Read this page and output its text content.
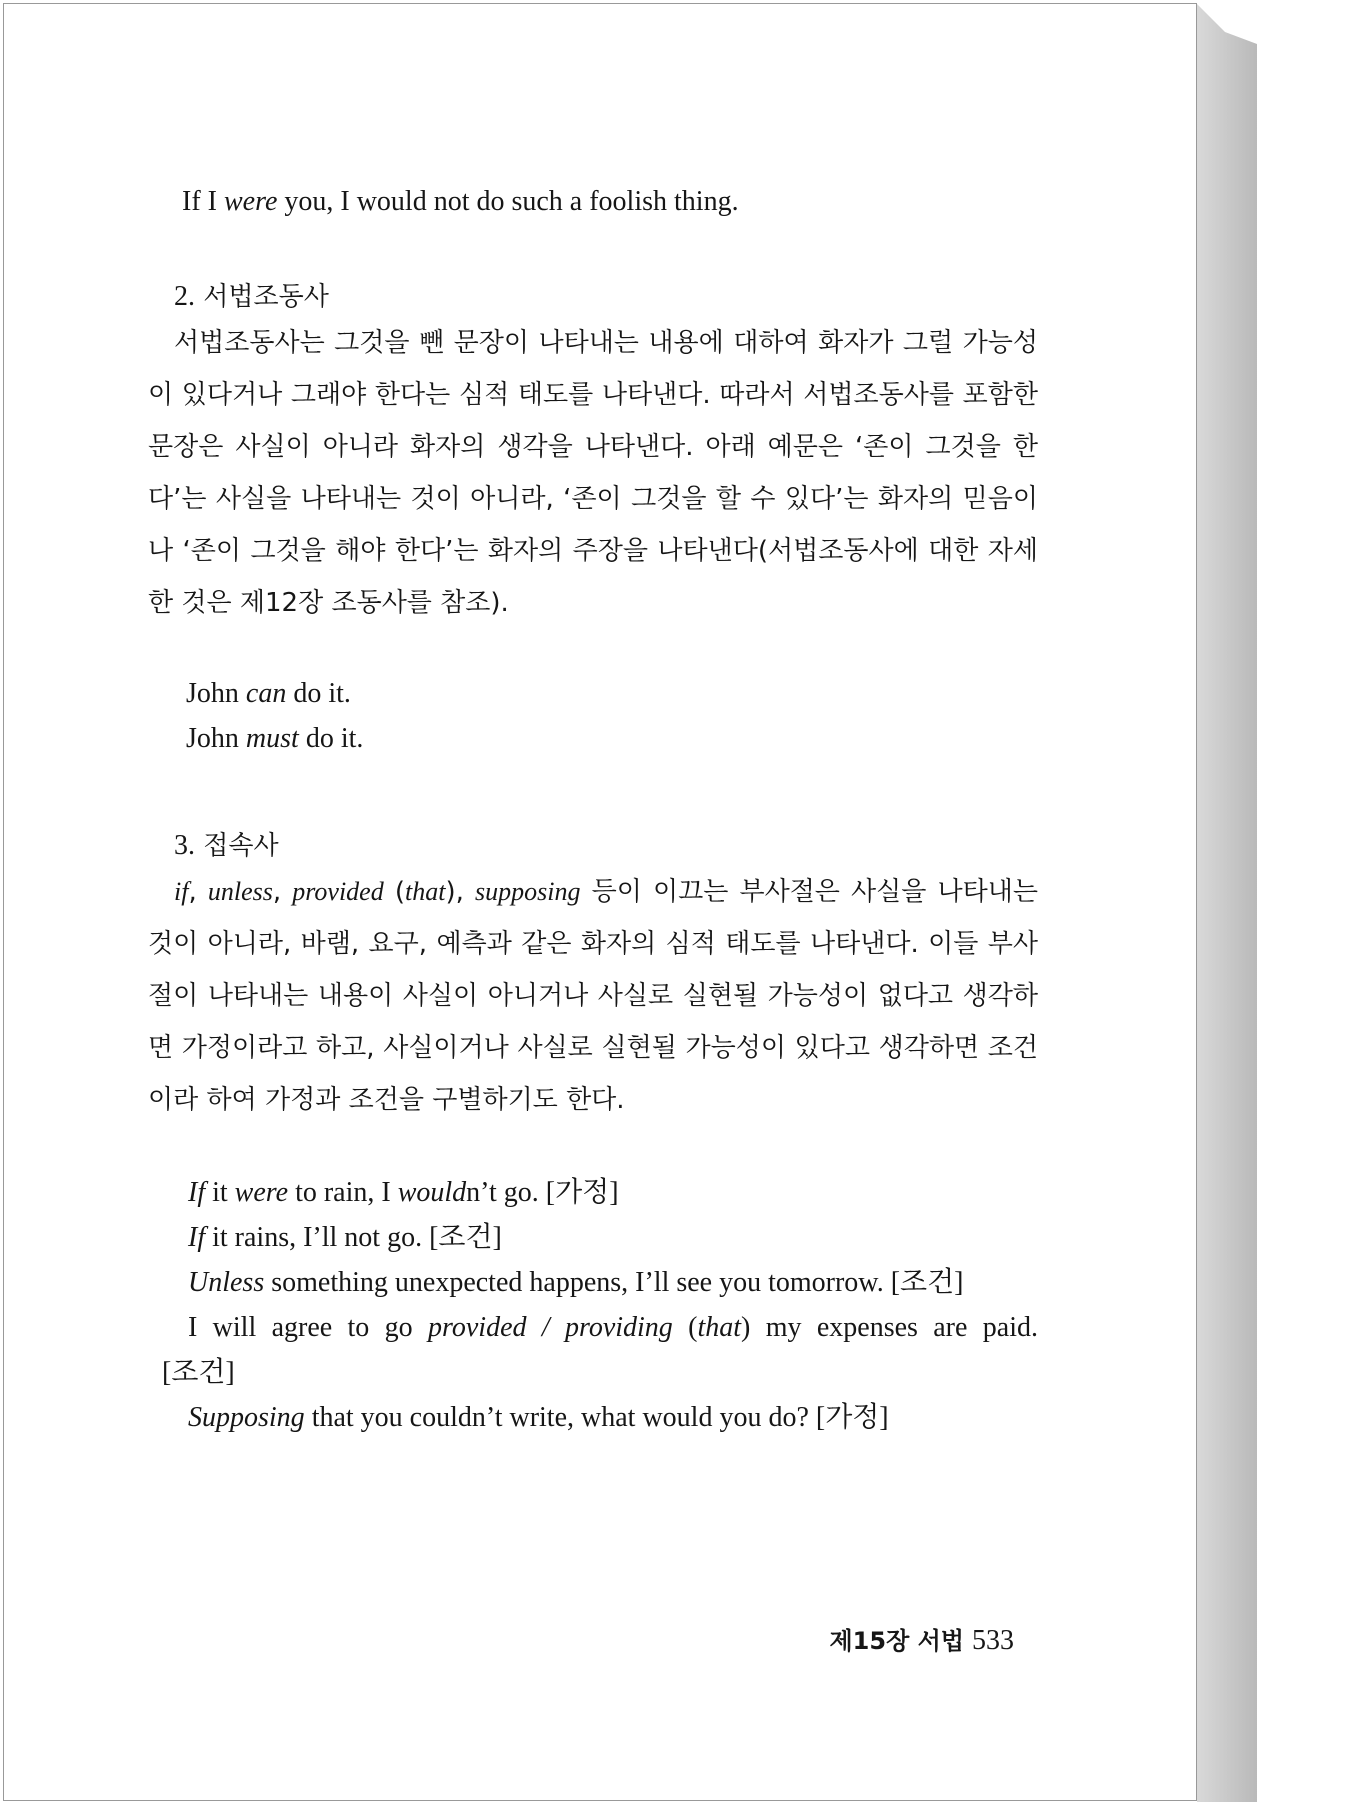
If I were you, I would not do such a foolish thing.

2. 서법조동사

서법조동사는 그것을 뺀 문장이 나타내는 내용에 대하여 화자가 그럴 가능성이 있다거나 그래야 한다는 심적 태도를 나타낸다. 따라서 서법조동사를 포함한 문장은 사실이 아니라 화자의 생각을 나타낸다. 아래 예문은 ‘존이 그것을 한다’는 사실을 나타내는 것이 아니라, ‘존이 그것을 할 수 있다’는 화자의 믿음이나 ‘존이 그것을 해야 한다’는 화자의 주장을 나타낸다(서법조동사에 대한 자세한 것은 제12장 조동사를 참조).

John can do it.

John must do it.

3. 접속사

if, unless, provided (that), supposing 등이 이끄는 부사절은 사실을 나타내는 것이 아니라, 바램, 요구, 예측과 같은 화자의 심적 태도를 나타낸다. 이들 부사절이 나타내는 내용이 사실이 아니거나 사실로 실현될 가능성이 없다고 생각하면 가정이라고 하고, 사실이거나 사실로 실현될 가능성이 있다고 생각하면 조건이라 하여 가정과 조건을 구별하기도 한다.

If it were to rain, I wouldn’t go. [가정]

If it rains, I’ll not go. [조건]

Unless something unexpected happens, I’ll see you tomorrow. [조건]

I will agree to go provided / providing (that) my expenses are paid.

[조건]

Supposing that you couldn’t write, what would you do? [가정]

제15장 서법 533
